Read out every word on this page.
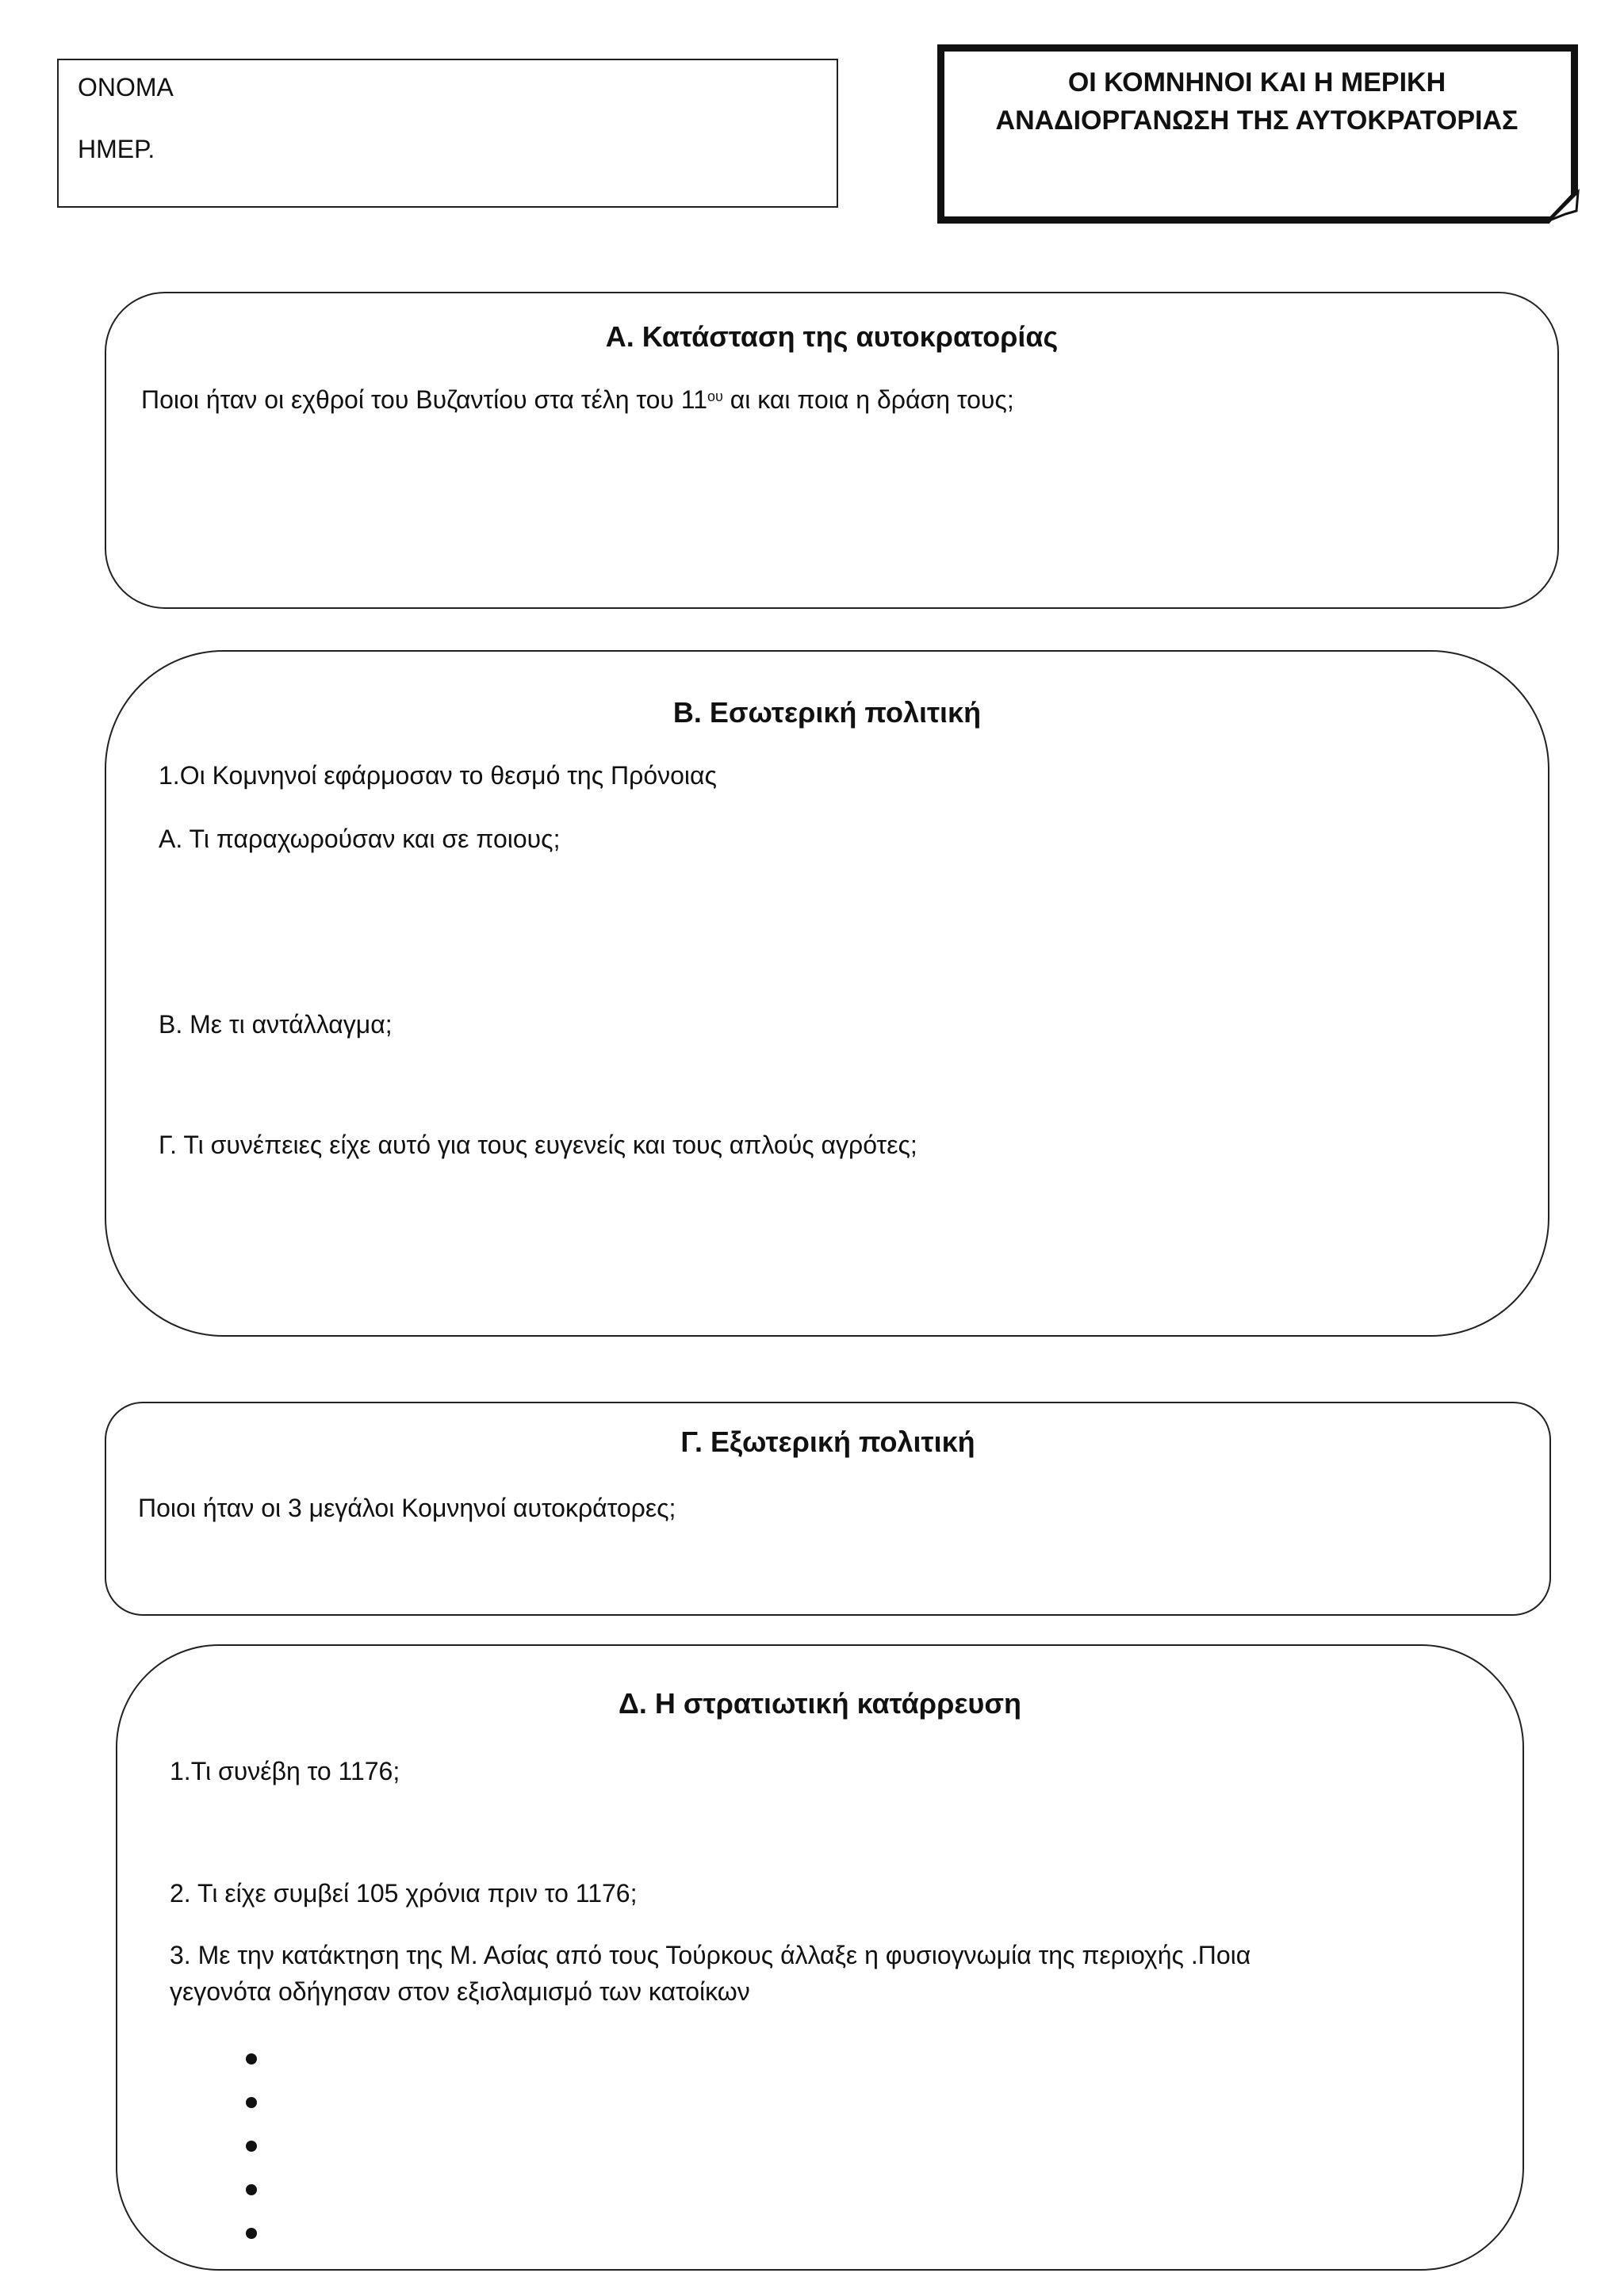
ΟΝΟΜΑ
ΗΜΕΡ.
ΟΙ ΚΟΜΝΗΝΟΙ ΚΑΙ Η ΜΕΡΙΚΗ
ΑΝΑΔΙΟΡΓΑΝΩΣΗ ΤΗΣ ΑΥΤΟΚΡΑΤΟΡΙΑΣ
Α. Κατάσταση της αυτοκρατορίας
Ποιοι ήταν οι εχθροί του Βυζαντίου στα τέλη του $11^{o\upsilon}$ αι και ποια η δράση τους;
Β. Εσωτερική πολιτική
1.Οι Κομνηνοί εφάρμοσαν το θεσμό της Πρόνοιας
Α. Τι παραχωρούσαν και σε ποιους;
Β. Με τι αντάλλαγμα;
Γ. Τι συνέπειες είχε αυτό για τους ευγενείς και τους απλούς αγρότες;
Γ. Εξωτερική πολιτική
Ποιοι ήταν οι 3 μεγάλοι Κομνηνοί αυτοκράτορες;
Δ. Η στρατιωτική κατάρρευση
1.Τι συνέβη το 1176;
2. Τι είχε συμβεί 105 χρόνια πριν το 1176;
3. Με την κατάκτηση της Μ. Ασίας από τους Τούρκους άλλαξε η φυσιογνωμία της περιοχής .Ποια
γεγονότα οδήγησαν στον εξισλαμισμό των κατοίκων
